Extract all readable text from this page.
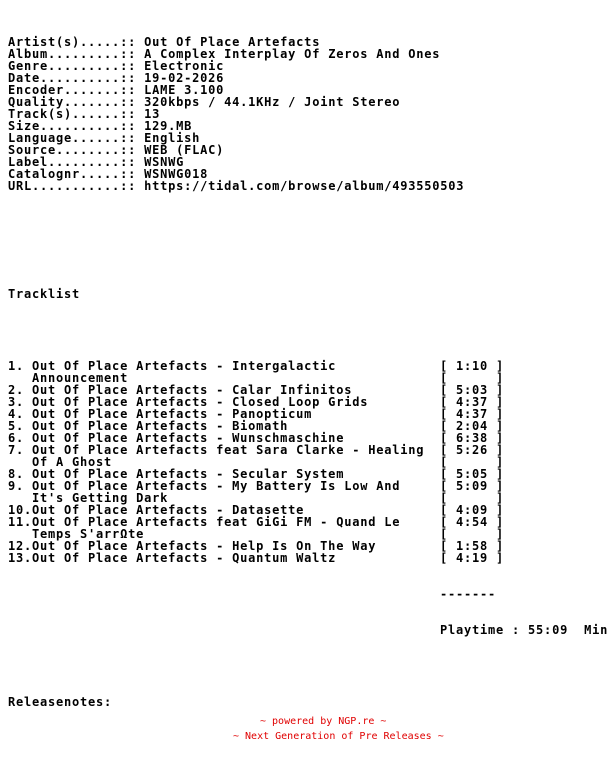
Artist(s).....:: Out Of Place Artefacts
Album.........:: A Complex Interplay Of Zeros And Ones
Genre.........:: Electronic
Date..........:: 19-02-2026
Encoder.......:: LAME 3.100
Quality.......:: 320kbps / 44.1KHz / Joint Stereo
Track(s)......:: 13
Size..........:: 129.MB
Language......:: English
Source........:: WEB (FLAC)
Label.........:: WSNWG
Catalognr.....:: WSNWG018
URL...........:: https://tidal.com/browse/album/493550503

Tracklist

1. Out Of Place Artefacts - Intergalactic	[ 1:10 ]
Announcement	[      ]
2. Out Of Place Artefacts - Calar Infinitos	[ 5:03 ]
3. Out Of Place Artefacts - Closed Loop Grids	[ 4:37 ]
4. Out Of Place Artefacts - Panopticum	[ 4:37 ]
5. Out Of Place Artefacts - Biomath	[ 2:04 ]
6. Out Of Place Artefacts - Wunschmaschine	[ 6:38 ]
7. Out Of Place Artefacts feat Sara Clarke - Healing [ 5:26 ]
Of A Ghost	[      ]
8. Out Of Place Artefacts - Secular System	[ 5:05 ]
9. Out Of Place Artefacts - My Battery Is Low And	[ 5:09 ]
It's Getting Dark	[      ]
10.Out Of Place Artefacts - Datasette	[ 4:09 ]
11.Out Of Place Artefacts feat GiGi FM - Quand Le	[ 4:54 ]
Temps S'arrΩte	[      ]
12.Out Of Place Artefacts - Help Is On The Way	[ 1:58 ]
13.Out Of Place Artefacts - Quantum Waltz	[ 4:19 ]

-------

Playtime : 55:09  Min

Releasenotes:

~ powered by NGP.re ~
~ Next Generation of Pre Releases ~
